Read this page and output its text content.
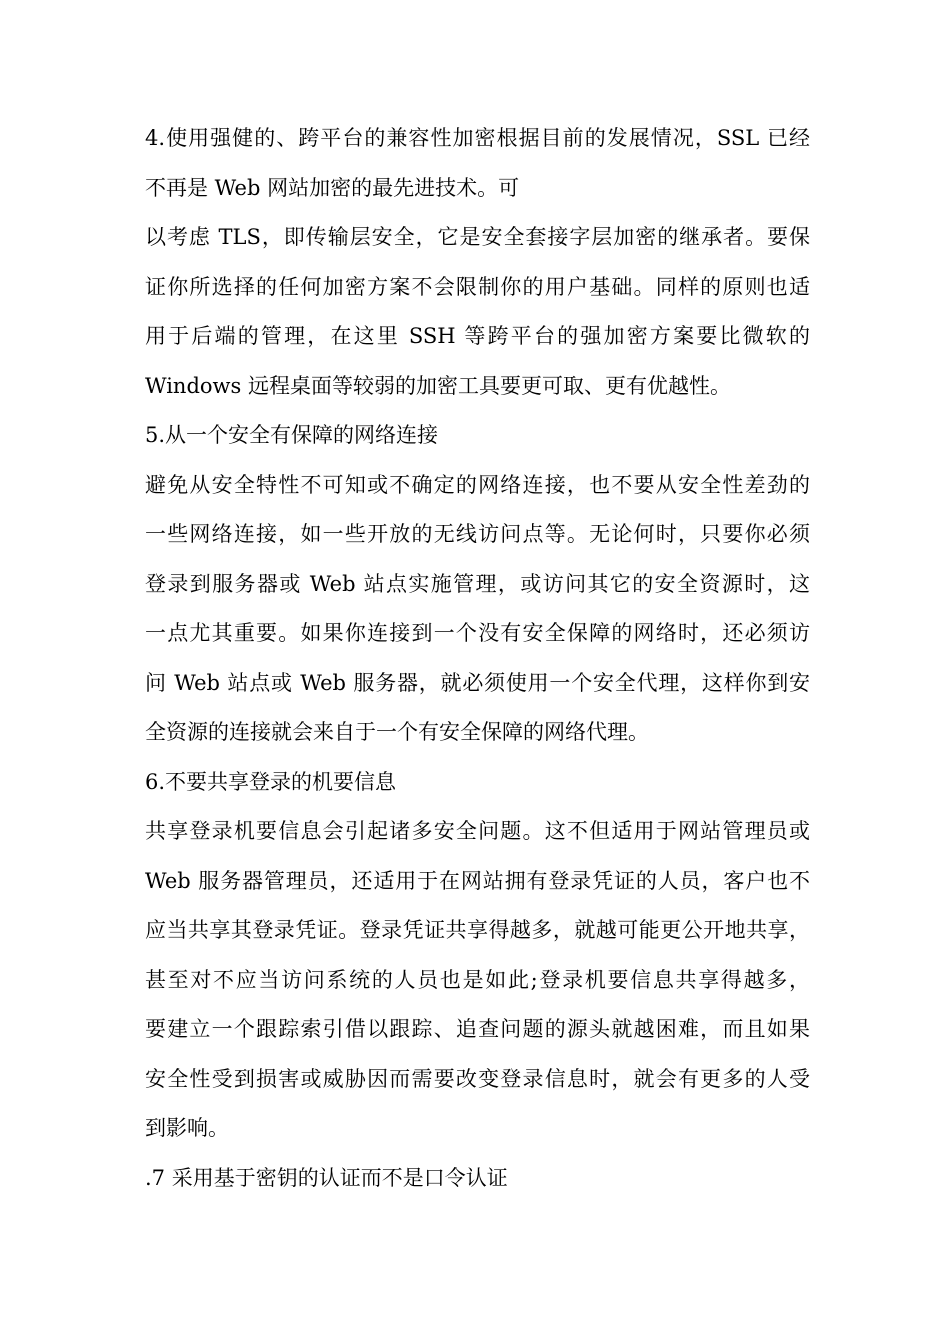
4.使用强健的、跨平台的兼容性加密根据目前的发展情况，SSL 已经
不再是 Web 网站加密的最先进技术。可
以考虑 TLS，即传输层安全，它是安全套接字层加密的继承者。要保
证你所选择的任何加密方案不会限制你的用户基础。同样的原则也适
用于后端的管理，在这里 SSH 等跨平台的强加密方案要比微软的
Windows 远程桌面等较弱的加密工具要更可取、更有优越性。
5.从一个安全有保障的网络连接
避免从安全特性不可知或不确定的网络连接，也不要从安全性差劲的
一些网络连接，如一些开放的无线访问点等。无论何时，只要你必须
登录到服务器或 Web 站点实施管理，或访问其它的安全资源时，这
一点尤其重要。如果你连接到一个没有安全保障的网络时，还必须访
问 Web 站点或 Web 服务器，就必须使用一个安全代理，这样你到安
全资源的连接就会来自于一个有安全保障的网络代理。
6.不要共享登录的机要信息
共享登录机要信息会引起诸多安全问题。这不但适用于网站管理员或
Web 服务器管理员，还适用于在网站拥有登录凭证的人员，客户也不
应当共享其登录凭证。登录凭证共享得越多，就越可能更公开地共享，
甚至对不应当访问系统的人员也是如此;登录机要信息共享得越多，
要建立一个跟踪索引借以跟踪、追查问题的源头就越困难，而且如果
安全性受到损害或威胁因而需要改变登录信息时，就会有更多的人受
到影响。
.7 采用基于密钥的认证而不是口令认证
